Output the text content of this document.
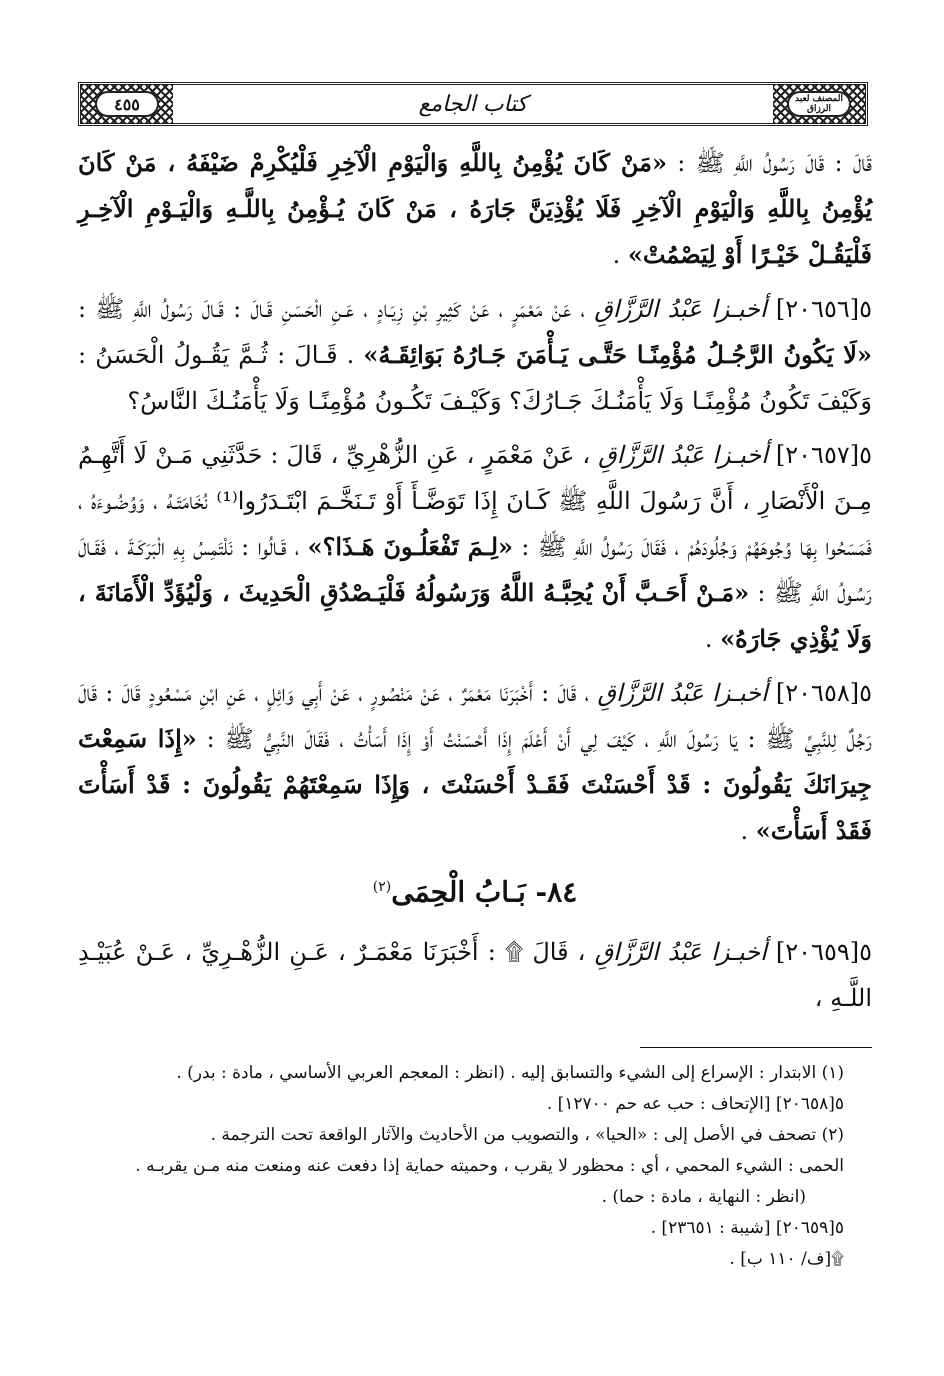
٤٥٥	كتاب الجامع	المصنف لعبد الرزاق

قَالَ : قَالَ رَسُولُ اللَّهِ ﷺ : «مَنْ كَانَ يُؤْمِنُ بِاللَّهِ وَالْيَوْمِ الْآخِرِ فَلْيُكْرِمْ ضَيْفَهُ ، مَنْ كَانَ يُؤْمِنُ بِاللَّهِ وَالْيَوْمِ الْآخِرِ فَلَا يُؤْذِيَنَّ جَارَهُ ، مَنْ كَانَ يُـؤْمِنُ بِاللَّـهِ وَالْيَـوْمِ الْآخِـرِ فَلْيَقُـلْ خَيْـرًا أَوْ لِيَصْمُتْ» .

٥[٢٠٦٥٦] أخبـزا عَبْدُ الرَّزَّاقِ ، عَنْ مَعْمَرٍ ، عَنْ كَثِيرِ بْنِ زِيَـادٍ ، عَـنِ الْحَسَنِ قَـالَ : قَـالَ رَسُولُ اللَّهِ ﷺ : «لَا يَكُونُ الرَّجُـلُ مُؤْمِنًـا حَتَّـى يَـأْمَنَ جَـارُهُ بَوَائِقَـهُ» . قَـالَ : ثُـمَّ يَقُـولُ الْحَسَنُ : وَكَيْفَ تَكُونُ مُؤْمِنًـا وَلَا يَأْمَنُـكَ جَـارُكَ؟ وَكَيْـفَ تَكُـونُ مُؤْمِنًـا وَلَا يَأْمَنُـكَ النَّاسُ؟

٥[٢٠٦٥٧] أخبـزا عَبْدُ الرَّزَّاقِ ، عَنْ مَعْمَرٍ ، عَنِ الزُّهْرِيِّ ، قَالَ : حَدَّثَنِي مَـنْ لَا أَتَّهِـمُ مِـنَ الْأَنْصَارِ ، أَنَّ رَسُولَ اللَّهِ ﷺ كَـانَ إِذَا تَوَضَّـأَ أَوْ تَـنَخَّـمَ ابْتَـدَرُوا⁽¹⁾ نُخَامَتَـهُ ، وَوُضُـوءَهُ ، فَمَسَحُوا بِهَا وُجُوهَهُمْ وَجُلُودَهُمْ ، فَقَالَ رَسُولُ اللَّهِ ﷺ : «لِـمَ تَفْعَلُـونَ هَـذَا؟» ، قَـالُوا : نَلْتَمِسُ بِهِ الْبَرَكَـةَ ، فَقَـالَ رَسُـولُ اللَّهِ ﷺ : «مَـنْ أَحَـبَّ أَنْ يُحِبَّـهُ اللَّهُ وَرَسُولُهُ فَلْيَـصْدُقِ الْحَدِيثَ ، وَلْيُؤَدِّ الْأَمَانَةَ ، وَلَا يُؤْذِي جَارَهُ» .

٥[٢٠٦٥٨] أخبـزا عَبْدُ الرَّزَّاقِ ، قَالَ : أَخْبَرَنَا مَعْمَرٌ ، عَنْ مَنْصُورٍ ، عَنْ أَبِي وَائِلٍ ، عَنِ ابْنِ مَسْعُودٍ قَالَ : قَالَ رَجُلٌ لِلنَّبِيِّ ﷺ : يَا رَسُولَ اللَّهِ ، كَيْفَ لِي أَنْ أَعْلَمَ إِذَا أَحْسَنْتُ أَوْ إِذَا أَسَأْتُ ، فَقَالَ النَّبِيُّ ﷺ : «إِذَا سَمِعْتَ جِيرَانَكَ يَقُولُونَ : قَدْ أَحْسَنْتَ فَقَـدْ أَحْسَنْتَ ، وَإِذَا سَمِعْتَهُمْ يَقُولُونَ : قَدْ أَسَأْتَ فَقَدْ أَسَأْتَ» .

٨٤- بَـابُ الْحِمَى$^{(٢)}$

٥[٢٠٦٥٩] أخبـزا عَبْدُ الرَّزَّاقِ ، قَالَ ۩ : أَخْبَرَنَا مَعْمَـرٌ ، عَـنِ الزُّهْـرِيِّ ، عَـنْ عُبَيْـدِ اللَّـهِ ،

(١) الابتدار : الإسراع إلى الشيء والتسابق إليه . (انظر : المعجم العربي الأساسي ، مادة : بدر) .
٥[٢٠٦٥٨] [الإتحاف : حب عه حم ١٢٧٠٠] .
(٢) تصحف في الأصل إلى : «الحيا» ، والتصويب من الأحاديث والآثار الواقعة تحت الترجمة .
الحمى : الشيء المحمي ، أي : محظور لا يقرب ، وحميته حماية إذا دفعت عنه ومنعت منه مـن يقربـه .
(انظر : النهاية ، مادة : حما) .
٥[٢٠٦٥٩] [شيبة : ٢٣٦٥١] .
۩[ف/ ١١٠ ب] .
